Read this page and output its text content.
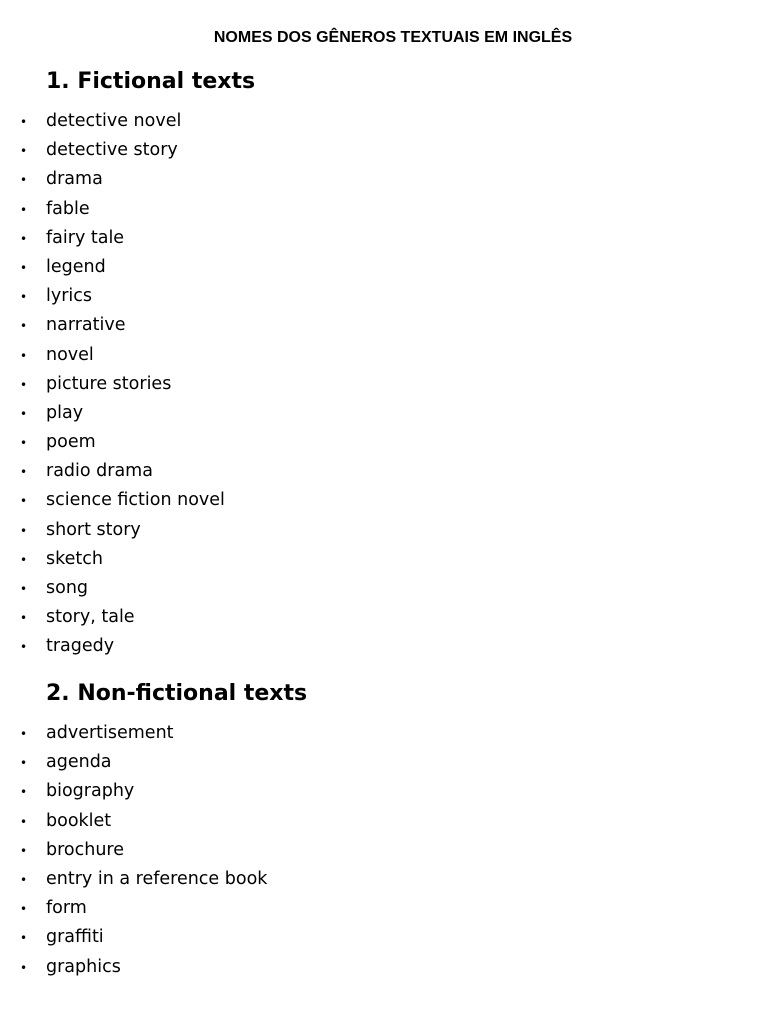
NOMES DOS GÊNEROS TEXTUAIS EM INGLÊS
1. Fictional texts
• detective novel
• detective story
• drama
• fable
• fairy tale
• legend
• lyrics
• narrative
• novel
• picture stories
• play
• poem
• radio drama
• science fiction novel
• short story
• sketch
• song
• story, tale
• tragedy
2. Non-fictional texts
• advertisement
• agenda
• biography
• booklet
• brochure
• entry in a reference book
• form
• graffiti
• graphics
